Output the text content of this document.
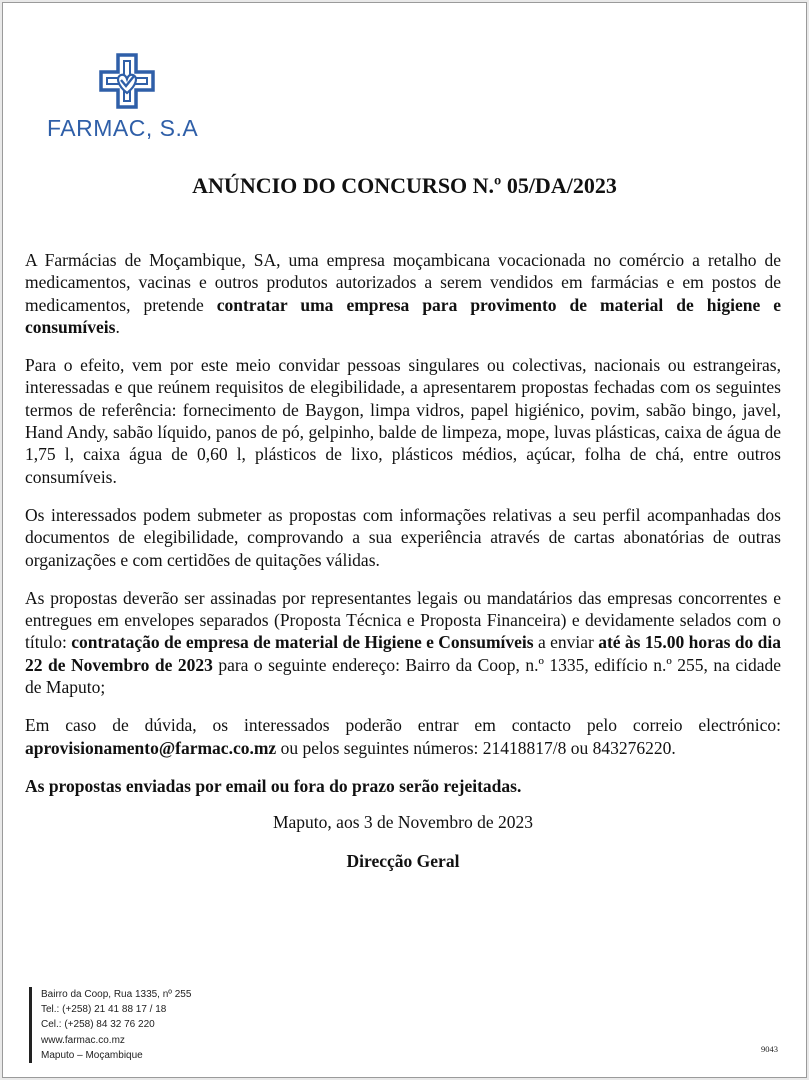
FARMAC, S.A
ANÚNCIO DO CONCURSO N.º 05/DA/2023

A Farmácias de Moçambique, SA, uma empresa moçambicana vocacionada no comércio a retalho de medicamentos, vacinas e outros produtos autorizados a serem vendidos em farmácias e em postos de medicamentos, pretende contratar uma empresa para provimento de material de higiene e consumíveis.

Para o efeito, vem por este meio convidar pessoas singulares ou colectivas, nacionais ou estrangeiras, interessadas e que reúnem requisitos de elegibilidade, a apresentarem propostas fechadas com os seguintes termos de referência: fornecimento de Baygon, limpa vidros, papel higiénico, povim, sabão bingo, javel, Hand Andy, sabão líquido, panos de pó, gelpinho, balde de limpeza, mope, luvas plásticas, caixa de água de 1,75 l, caixa água de 0,60 l, plásticos de lixo, plásticos médios, açúcar, folha de chá, entre outros consumíveis.

Os interessados podem submeter as propostas com informações relativas a seu perfil acompanhadas dos documentos de elegibilidade, comprovando a sua experiência através de cartas abonatórias de outras organizações e com certidões de quitações válidas.

As propostas deverão ser assinadas por representantes legais ou mandatários das empresas concorrentes e entregues em envelopes separados (Proposta Técnica e Proposta Financeira) e devidamente selados com o título: contratação de empresa de material de Higiene e Consumíveis a enviar até às 15.00 horas do dia 22 de Novembro de 2023 para o seguinte endereço: Bairro da Coop, n.º 1335, edifício n.º 255, na cidade de Maputo;

Em caso de dúvida, os interessados poderão entrar em contacto pelo correio electrónico: aprovisionamento@farmac.co.mz ou pelos seguintes números: 21418817/8 ou 843276220.

As propostas enviadas por email ou fora do prazo serão rejeitadas.

Maputo, aos 3 de Novembro de 2023

Direcção Geral

Bairro da Coop, Rua 1335, nº 255
Tel.: (+258) 21 41 88 17 / 18
Cel.: (+258) 84 32 76 220
www.farmac.co.mz
Maputo – Moçambique
9043
